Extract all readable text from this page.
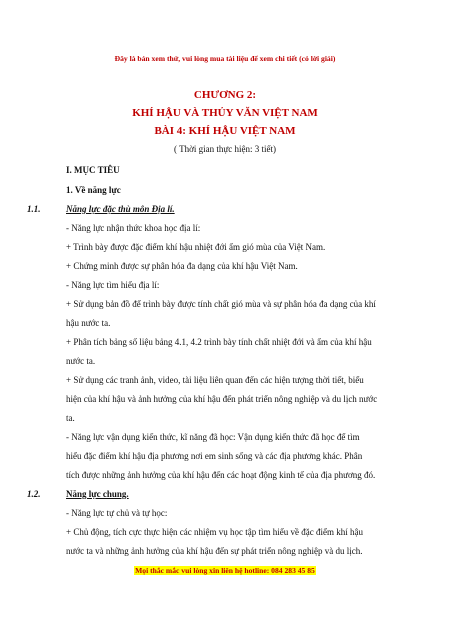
Đây là bản xem thử, vui lòng mua tài liệu để xem chi tiết (có lời giải)
CHƯƠNG 2:
KHÍ HẬU VÀ THỦY VĂN VIỆT NAM
BÀI 4: KHÍ HẬU VIỆT NAM
( Thời gian thực hiện: 3 tiết)
I. MỤC TIÊU
1. Về năng lực
1.1.	Năng lực đặc thù môn Địa lí.
- Năng lực nhận thức khoa học địa lí:
+ Trình bày được đặc điểm khí hậu nhiệt đới ẩm gió mùa của Việt Nam.
+ Chứng minh được sự phân hóa đa dạng của khí hậu Việt Nam.
- Năng lực tìm hiểu địa lí:
+ Sử dụng bản đồ để trình bày được tính chất gió mùa và sự phân hóa đa dạng của khí
hậu nước ta.
+ Phân tích bảng số liệu bảng 4.1, 4.2 trình bày tính chất nhiệt đới và ẩm của khí hậu
nước ta.
+ Sử dụng các tranh ảnh, video, tài liệu liên quan đến các hiện tượng thời tiết, biểu
hiện của khí hậu và ảnh hưởng của khí hậu đến phát triển nông nghiệp và du lịch nước
ta.
- Năng lực vận dụng kiến thức, kĩ năng đã học: Vận dụng kiến thức đã học để tìm
hiểu đặc điểm khí hậu địa phương nơi em sinh sống và các địa phương khác. Phân
tích được những ảnh hưởng của khí hậu đến các hoạt động kinh tế của địa phương đó.
1.2.	Năng lực chung.
- Năng lực tự chủ và tự học:
+ Chủ động, tích cực thực hiện các nhiệm vụ học tập tìm hiểu về đặc điểm khí hậu
nước ta và những ảnh hưởng của khí hậu đến sự phát triển nông nghiệp và du lịch.
Mọi thắc mắc vui lòng xin liên hệ hotline: 084 283 45 85
